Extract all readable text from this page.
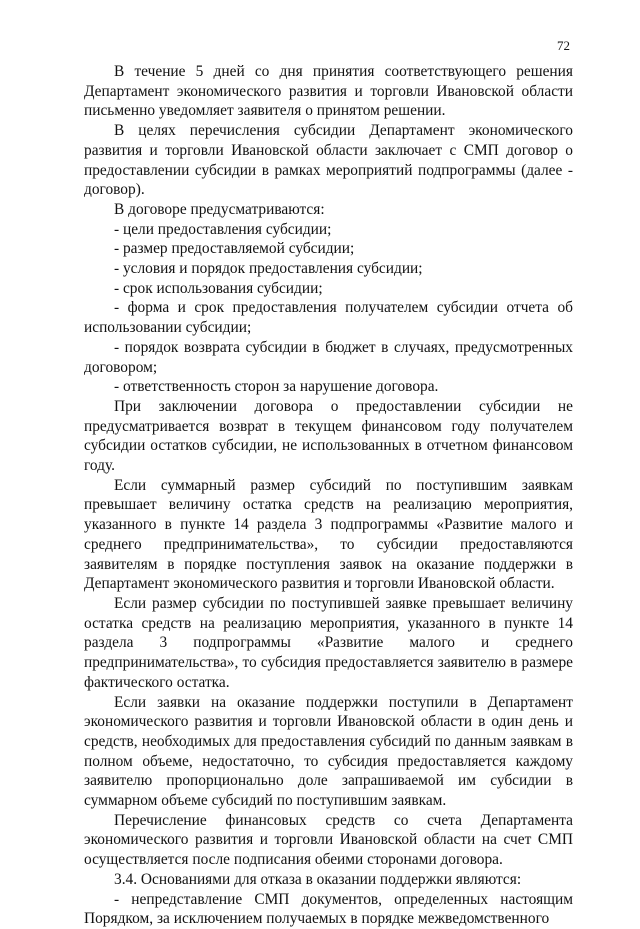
72

В течение 5 дней со дня принятия соответствующего решения Департамент экономического развития и торговли Ивановской области письменно уведомляет заявителя о принятом решении.

В целях перечисления субсидии Департамент экономического развития и торговли Ивановской области заключает с СМП договор о предоставлении субсидии в рамках мероприятий подпрограммы (далее - договор).

В договоре предусматриваются:

- цели предоставления субсидии;

- размер предоставляемой субсидии;

- условия и порядок предоставления субсидии;

- срок использования субсидии;

- форма и срок предоставления получателем субсидии отчета об использовании субсидии;

- порядок возврата субсидии в бюджет в случаях, предусмотренных договором;

- ответственность сторон за нарушение договора.

При заключении договора о предоставлении субсидии не предусматривается возврат в текущем финансовом году получателем субсидии остатков субсидии, не использованных в отчетном финансовом году.

Если суммарный размер субсидий по поступившим заявкам превышает величину остатка средств на реализацию мероприятия, указанного в пункте 14 раздела 3 подпрограммы «Развитие малого и среднего предпринимательства», то субсидии предоставляются заявителям в порядке поступления заявок на оказание поддержки в Департамент экономического развития и торговли Ивановской области.

Если размер субсидии по поступившей заявке превышает величину остатка средств на реализацию мероприятия, указанного в пункте 14 раздела 3 подпрограммы «Развитие малого и среднего предпринимательства», то субсидия предоставляется заявителю в размере фактического остатка.

Если заявки на оказание поддержки поступили в Департамент экономического развития и торговли Ивановской области в один день и средств, необходимых для предоставления субсидий по данным заявкам в полном объеме, недостаточно, то субсидия предоставляется каждому заявителю пропорционально доле запрашиваемой им субсидии в суммарном объеме субсидий по поступившим заявкам.

Перечисление финансовых средств со счета Департамента экономического развития и торговли Ивановской области на счет СМП осуществляется после подписания обеими сторонами договора.

3.4. Основаниями для отказа в оказании поддержки являются:

- непредставление СМП документов, определенных настоящим Порядком, за исключением получаемых в порядке межведомственного
